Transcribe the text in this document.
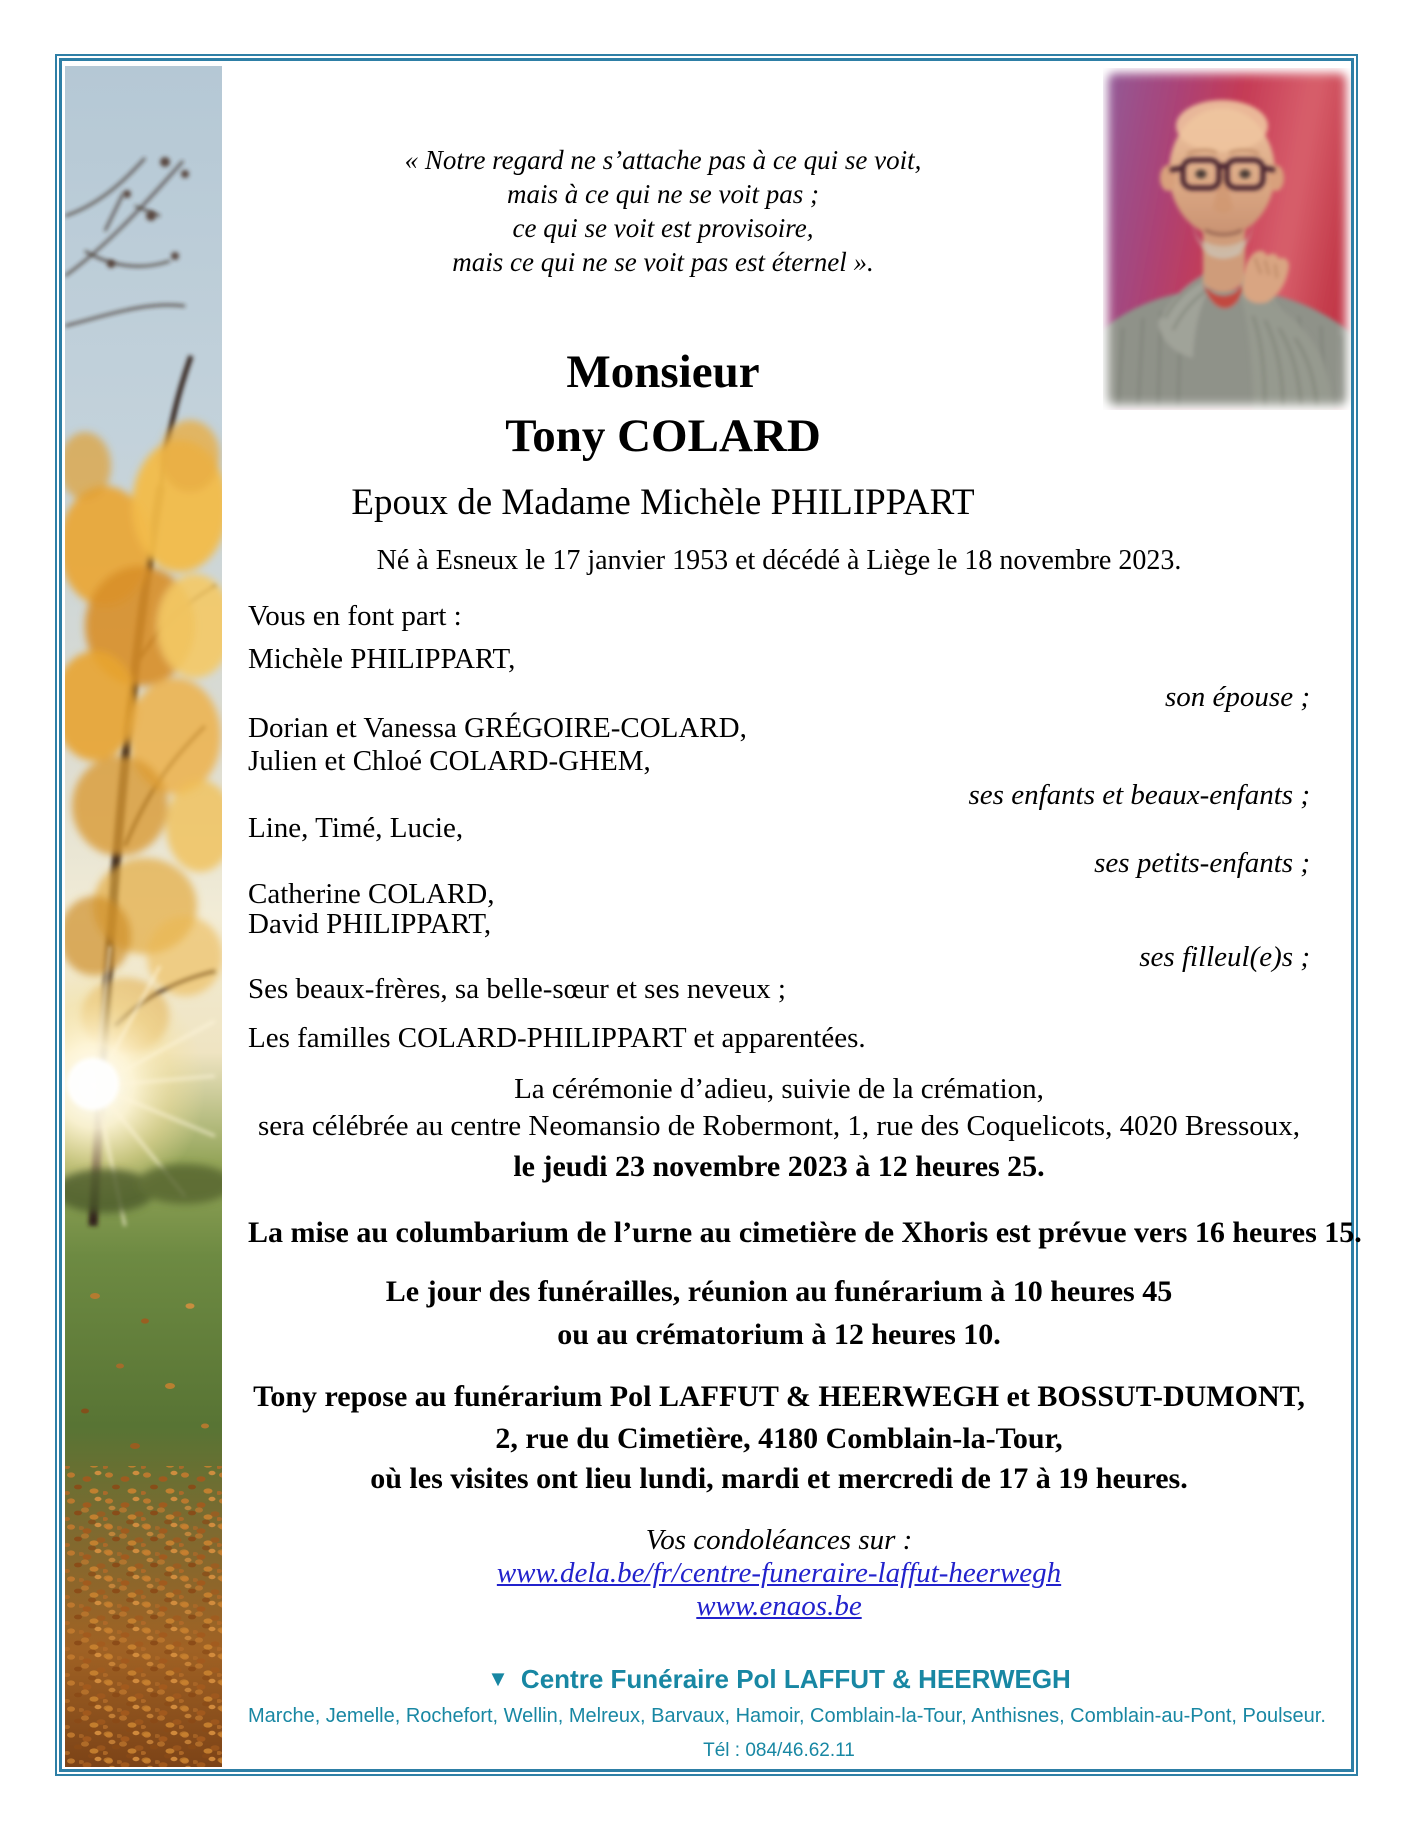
« Notre regard ne s’attache pas à ce qui se voit,
mais à ce qui ne se voit pas ;
ce qui se voit est provisoire,
mais ce qui ne se voit pas est éternel ».
Monsieur
Tony COLARD
Epoux de Madame Michèle PHILIPPART
Né à Esneux le 17 janvier 1953 et décédé à Liège le 18 novembre 2023.
Vous en font part :
Michèle PHILIPPART,
son épouse ;
Dorian et Vanessa GRÉGOIRE-COLARD,
Julien et Chloé COLARD-GHEM,
ses enfants et beaux-enfants ;
Line, Timé, Lucie,
ses petits-enfants ;
Catherine COLARD,
David PHILIPPART,
ses filleul(e)s ;
Ses beaux-frères, sa belle-sœur et ses neveux ;
Les familles COLARD-PHILIPPART et apparentées.
La cérémonie d’adieu, suivie de la crémation,
sera célébrée au centre Neomansio de Robermont, 1, rue des Coquelicots, 4020 Bressoux,
le jeudi 23 novembre 2023 à 12 heures 25.
La mise au columbarium de l’urne au cimetière de Xhoris est prévue vers 16 heures 15.
Le jour des funérailles, réunion au funérarium à 10 heures 45
ou au crématorium à 12 heures 10.
Tony repose au funérarium Pol LAFFUT & HEERWEGH et BOSSUT-DUMONT,
2, rue du Cimetière, 4180 Comblain-la-Tour,
où les visites ont lieu lundi, mardi et mercredi de 17 à 19 heures.
Vos condoléances sur :
www.dela.be/fr/centre-funeraire-laffut-heerwegh
www.enaos.be
▼ Centre Funéraire Pol LAFFUT & HEERWEGH
Marche, Jemelle, Rochefort, Wellin, Melreux, Barvaux, Hamoir, Comblain-la-Tour, Anthisnes, Comblain-au-Pont, Poulseur.
Tél : 084/46.62.11
